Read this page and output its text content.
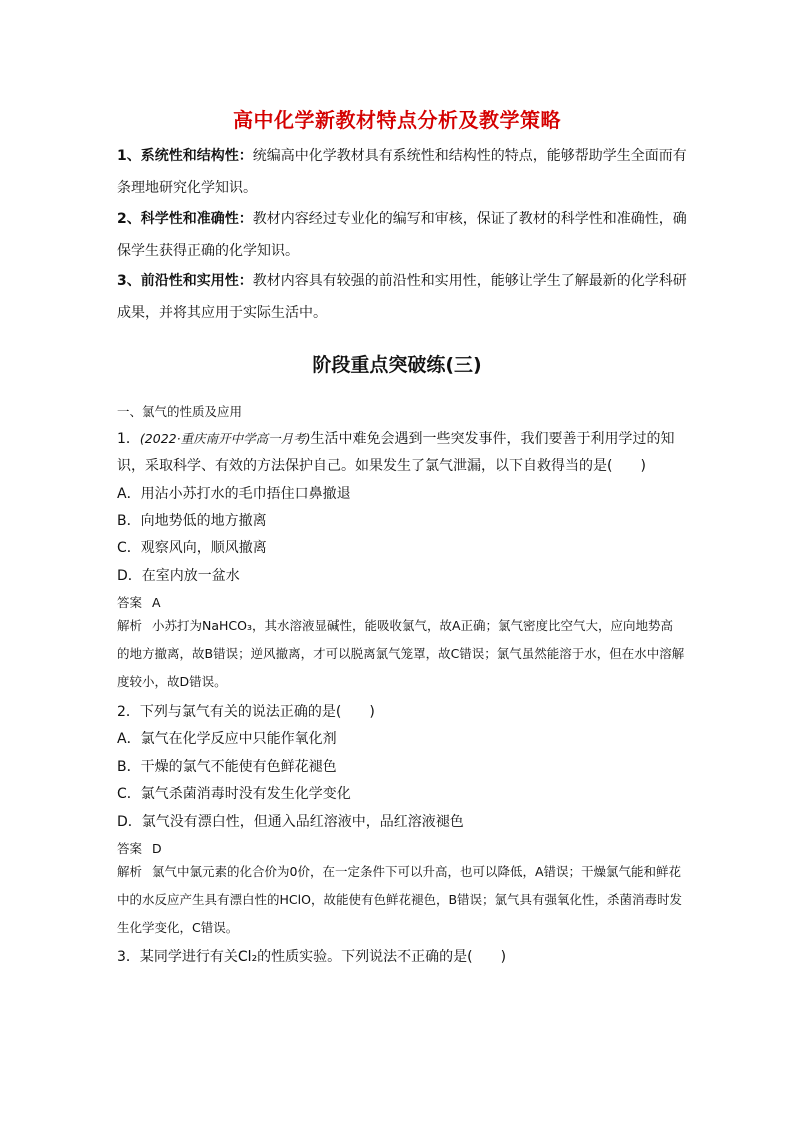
高中化学新教材特点分析及教学策略

1、系统性和结构性：统编高中化学教材具有系统性和结构性的特点，能够帮助学生全面而有条理地研究化学知识。

2、科学性和准确性：教材内容经过专业化的编写和审核，保证了教材的科学性和准确性，确保学生获得正确的化学知识。

3、前沿性和实用性：教材内容具有较强的前沿性和实用性，能够让学生了解最新的化学科研成果，并将其应用于实际生活中。

阶段重点突破练(三)

一、氯气的性质及应用

1．(2022·重庆南开中学高一月考)生活中难免会遇到一些突发事件，我们要善于利用学过的知

识，采取科学、有效的方法保护自己。如果发生了氯气泄漏，以下自救得当的是(　　)

A．用沾小苏打水的毛巾捂住口鼻撤退

B．向地势低的地方撤离

C．观察风向，顺风撤离

D．在室内放一盆水

答案 A

解析 小苏打为NaHCO₃，其水溶液显碱性，能吸收氯气，故A正确；氯气密度比空气大，应向地势高的地方撤离，故B错误；逆风撤离，才可以脱离氯气笼罩，故C错误；氯气虽然能溶于水，但在水中溶解度较小，故D错误。

2．下列与氯气有关的说法正确的是(　　)

A．氯气在化学反应中只能作氧化剂

B．干燥的氯气不能使有色鲜花褪色

C．氯气杀菌消毒时没有发生化学变化

D．氯气没有漂白性，但通入品红溶液中，品红溶液褪色

答案 D

解析 氯气中氯元素的化合价为0价，在一定条件下可以升高，也可以降低，A错误；干燥氯气能和鲜花中的水反应产生具有漂白性的HClO，故能使有色鲜花褪色，B错误；氯气具有强氧化性，杀菌消毒时发生化学变化，C错误。

3．某同学进行有关Cl₂的性质实验。下列说法不正确的是(　　)
